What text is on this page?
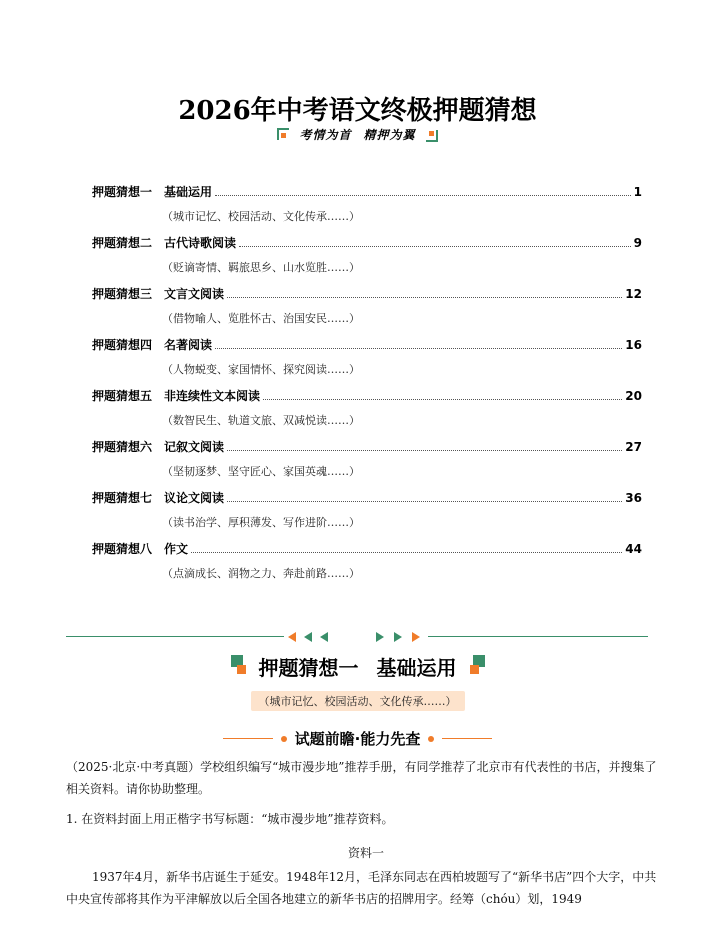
2026年中考语文终极押题猜想
考情为首 精押为翼
押题猜想一 基础运用	1
（城市记忆、校园活动、文化传承……）
押题猜想二 古代诗歌阅读	9
（贬谪寄情、羁旅思乡、山水览胜……）
押题猜想三 文言文阅读	12
（借物喻人、览胜怀古、治国安民……）
押题猜想四 名著阅读	16
（人物蜕变、家国情怀、探究阅读……）
押题猜想五 非连续性文本阅读	20
（数智民生、轨道文旅、双减悦读……）
押题猜想六 记叙文阅读	27
（坚韧逐梦、坚守匠心、家国英魂……）
押题猜想七 议论文阅读	36
（读书治学、厚积薄发、写作进阶……）
押题猜想八 作文	44
（点滴成长、润物之力、奔赴前路……）
押题猜想一 基础运用
（城市记忆、校园活动、文化传承……）
试题前瞻·能力先查
（2025·北京·中考真题）学校组织编写“城市漫步地”推荐手册，有同学推荐了北京市有代表性的书店，并搜集了相关资料。请你协助整理。
1. 在资料封面上用正楷字书写标题：“城市漫步地”推荐资料。
资料一
1937年4月，新华书店诞生于延安。1948年12月，毛泽东同志在西柏坡题写了“新华书店”四个大字，中共中央宣传部将其作为平津解放以后全国各地建立的新华书店的招牌用字。经筹（chóu）划，1949
